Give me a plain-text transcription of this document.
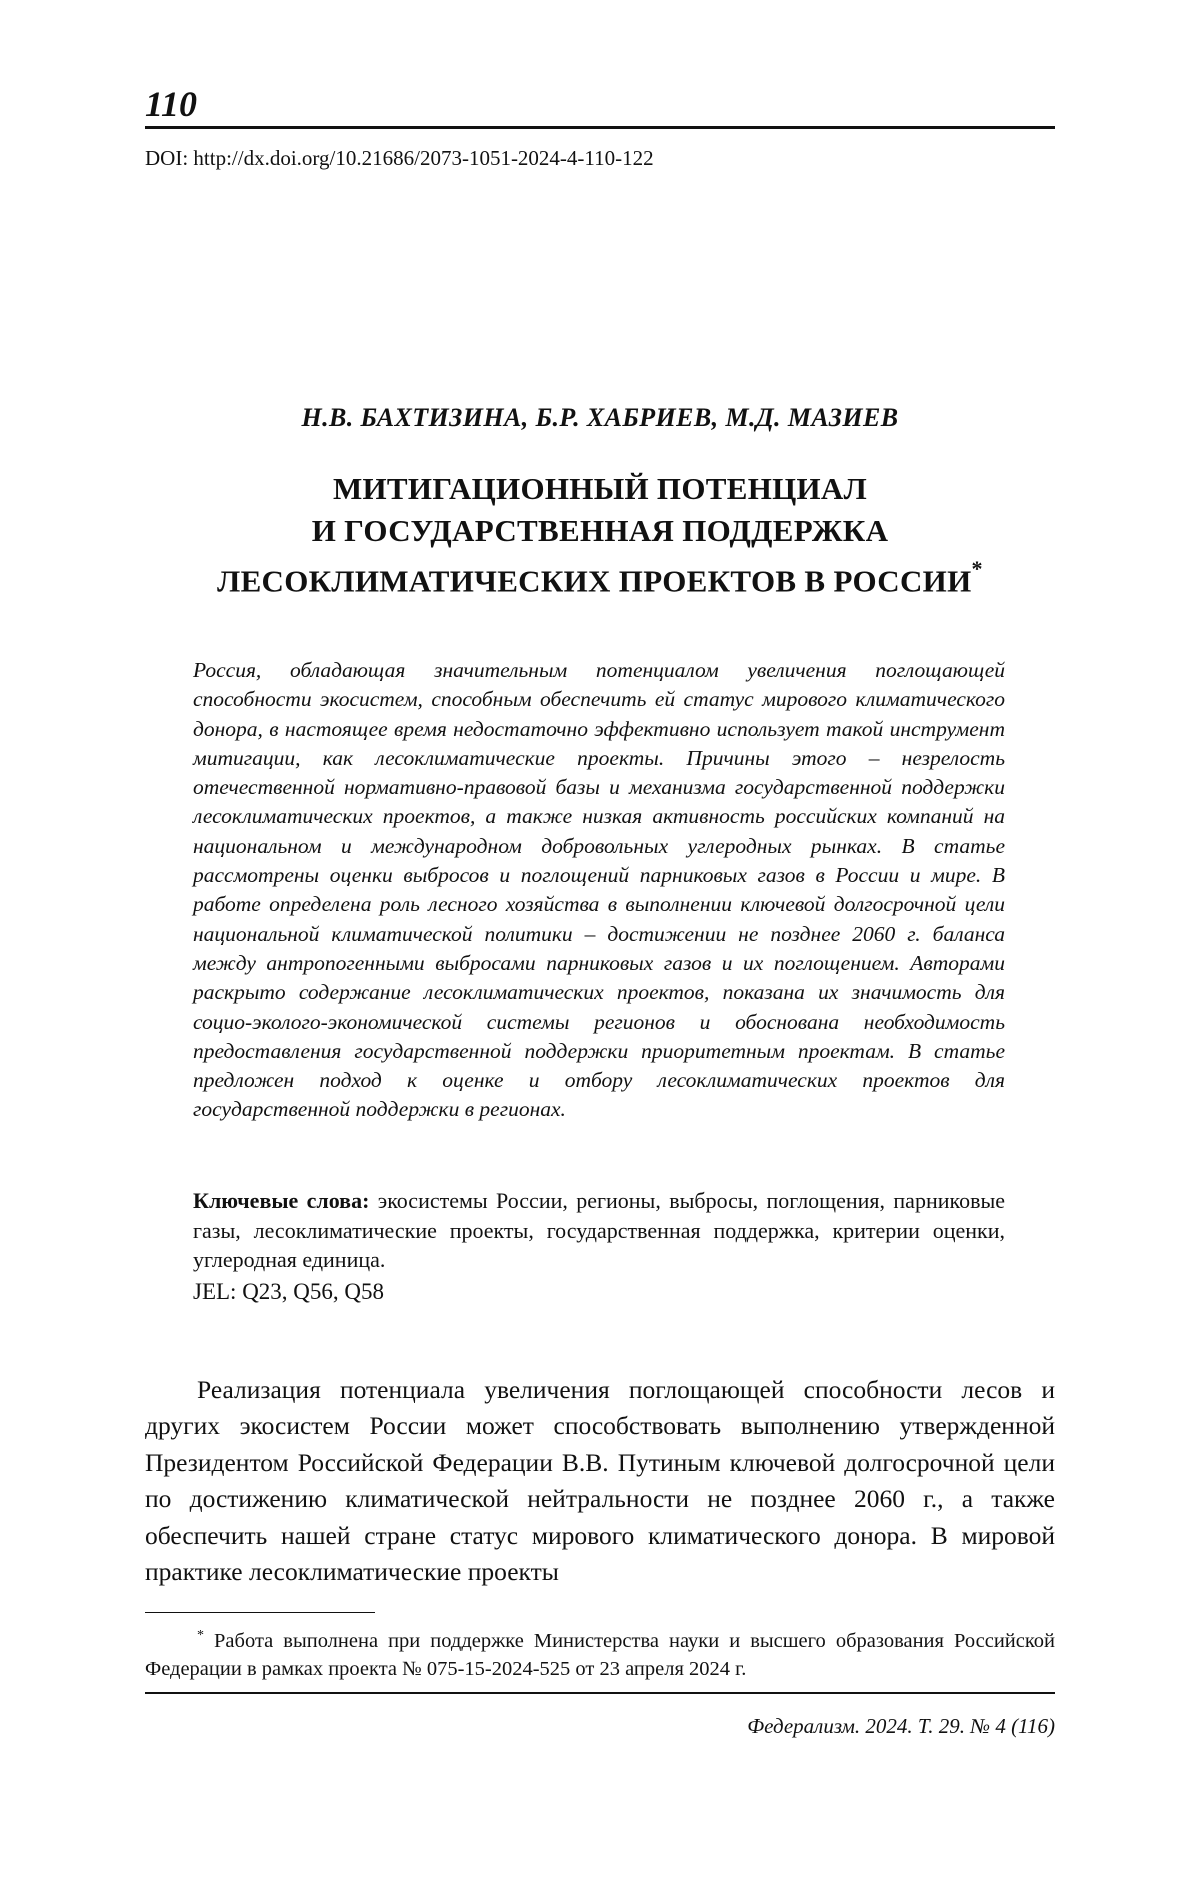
110
DOI: http://dx.doi.org/10.21686/2073-1051-2024-4-110-122
Н.В. БАХТИЗИНА, Б.Р. ХАБРИЕВ, М.Д. МАЗИЕВ
МИТИГАЦИОННЫЙ ПОТЕНЦИАЛ
И ГОСУДАРСТВЕННАЯ ПОДДЕРЖКА
ЛЕСОКЛИМАТИЧЕСКИХ ПРОЕКТОВ В РОССИИ*
Россия, обладающая значительным потенциалом увеличения поглощающей способности экосистем, способным обеспечить ей статус мирового климатического донора, в настоящее время недостаточно эффективно использует такой инструмент митигации, как лесоклиматические проекты. Причины этого – незрелость отечественной нормативно-правовой базы и механизма государственной поддержки лесоклиматических проектов, а также низкая активность российских компаний на национальном и международном добровольных углеродных рынках. В статье рассмотрены оценки выбросов и поглощений парниковых газов в России и мире. В работе определена роль лесного хозяйства в выполнении ключевой долгосрочной цели национальной климатической политики – достижении не позднее 2060 г. баланса между антропогенными выбросами парниковых газов и их поглощением. Авторами раскрыто содержание лесоклиматических проектов, показана их значимость для социо-эколого-экономической системы регионов и обоснована необходимость предоставления государственной поддержки приоритетным проектам. В статье предложен подход к оценке и отбору лесоклиматических проектов для государственной поддержки в регионах.
Ключевые слова: экосистемы России, регионы, выбросы, поглощения, парниковые газы, лесоклиматические проекты, государственная поддержка, критерии оценки, углеродная единица.
JEL: Q23, Q56, Q58

Реализация потенциала увеличения поглощающей способности лесов и других экосистем России может способствовать выполнению утвержденной Президентом Российской Федерации В.В. Путиным ключевой долгосрочной цели по достижению климатической нейтральности не позднее 2060 г., а также обеспечить нашей стране статус мирового климатического донора. В мировой практике лесоклиматические проекты

* Работа выполнена при поддержке Министерства науки и высшего образования Российской Федерации в рамках проекта № 075-15-2024-525 от 23 апреля 2024 г.
Федерализм. 2024. Т. 29. № 4 (116)
